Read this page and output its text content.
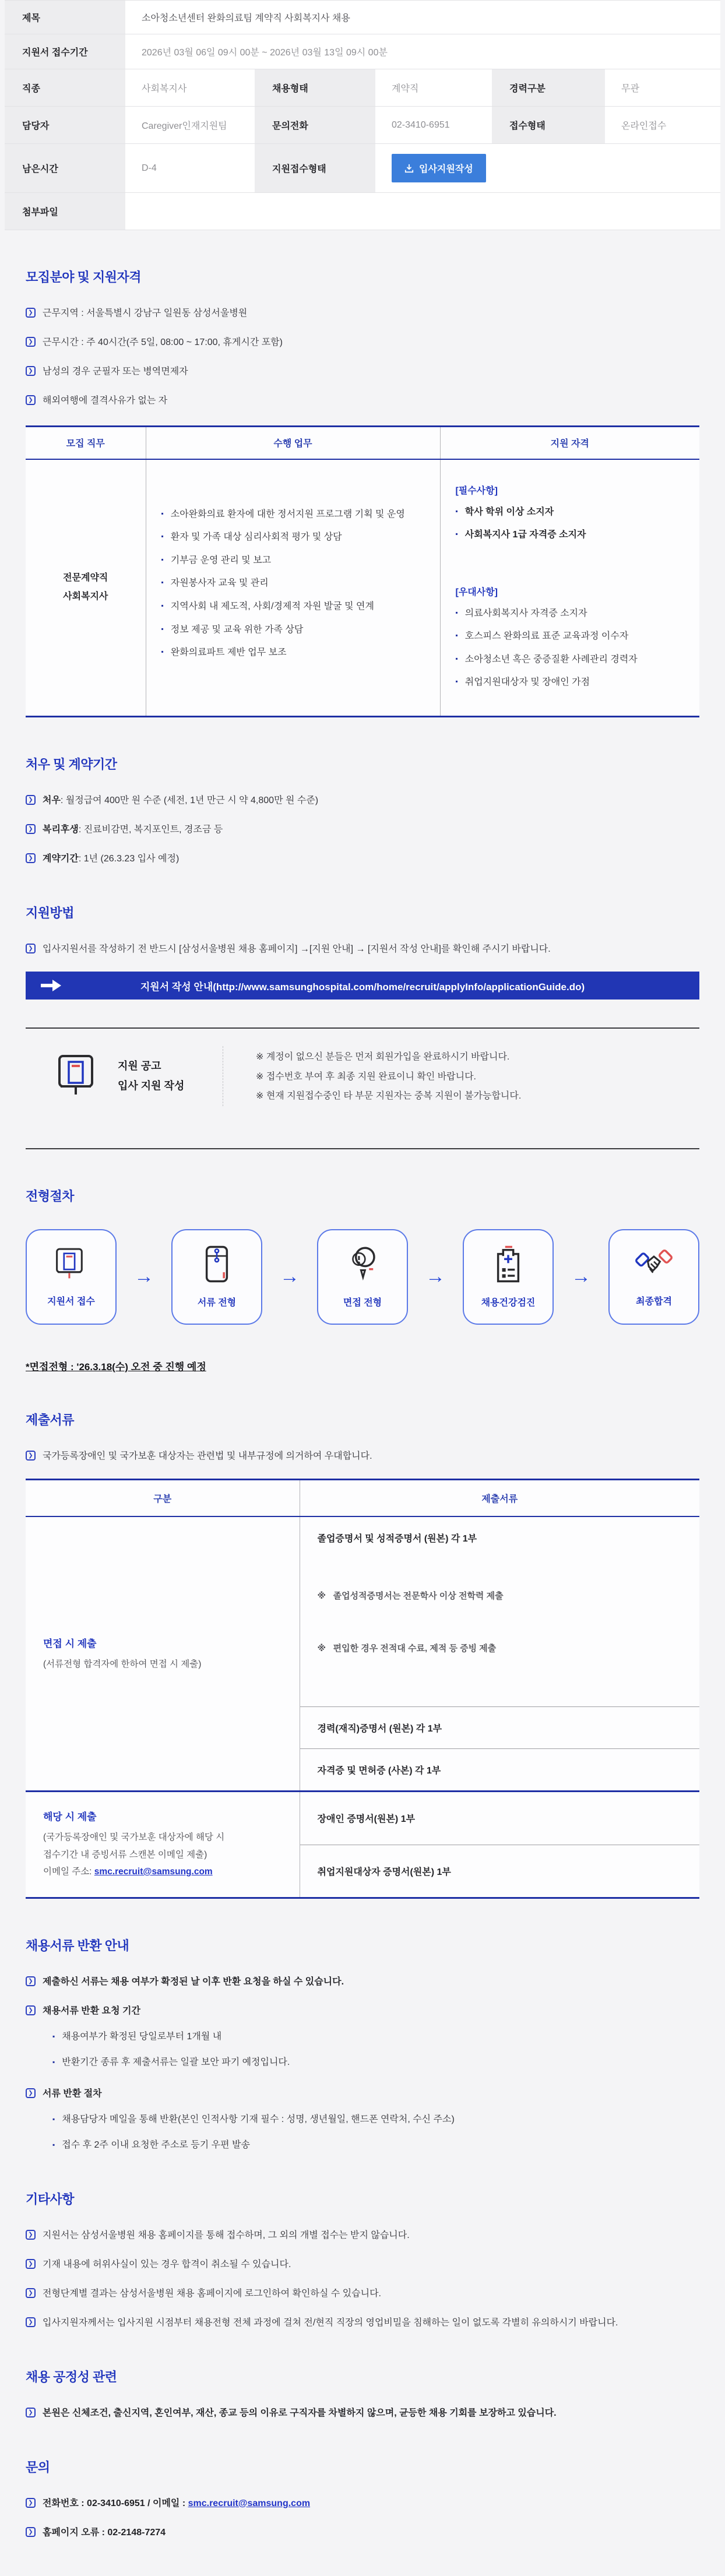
제목	소아청소년센터 완화의료팀 계약직 사회복지사 채용				
지원서 접수기간	2026년 03월 06일 09시 00분 ~ 2026년 03월 13일 09시 00분				
직종	사회복지사	채용형태	계약직	경력구분	무관
담당자	Caregiver인재지원팀	문의전화	02-3410-6951	접수형태	온라인접수
남은시간	D-4	지원접수형태	입사지원작성		

첨부파일					
모집분야 및 지원자격
❯ 근무지역 : 서울특별시 강남구 일원동 삼성서울병원
❯ 근무시간 : 주 40시간(주 5일, 08:00 ~ 17:00, 휴게시간 포함)
❯ 남성의 경우 군필자 또는 병역면제자
❯ 해외여행에 결격사유가 없는 자
모집 직무	수행 업무	지원 자격

전문계약직
사회복지사

▪ 소아완화의료 환자에 대한 정서지원 프로그램 기획 및 운영
▪ 환자 및 가족 대상 심리사회적 평가 및 상담
▪ 기부금 운영 관리 및 보고
▪ 자원봉사자 교육 및 관리
▪ 지역사회 내 제도적, 사회/경제적 자원 발굴 및 연계
▪ 정보 제공 및 교육 위한 가족 상담
▪ 완화의료파트 제반 업무 보조

[필수사항]
▪ 학사 학위 이상 소지자
▪ 사회복지사 1급 자격증 소지자
[우대사항]
▪ 의료사회복지사 자격증 소지자
▪ 호스피스 완화의료 표준 교육과정 이수자
▪ 소아청소년 혹은 중증질환 사례관리 경력자
▪ 취업지원대상자 및 장애인 가점
처우 및 계약기간
❯ 처우: 월정급여 400만 원 수준 (세전, 1년 만근 시 약 4,800만 원 수준)
❯ 복리후생: 진료비감면, 복지포인트, 경조금 등
❯ 계약기간: 1년 (26.3.23 입사 예정)
지원방법
❯ 입사지원서를 작성하기 전 반드시 [삼성서울병원 채용 홈페이지] →[지원 안내] → [지원서 작성 안내]를 확인해 주시기 바랍니다.
지원서 작성 안내(http://www.samsunghospital.com/home/recruit/applyInfo/applicationGuide.do)
지원 공고
입사 지원 작성

※ 계정이 없으신 분들은 먼저 회원가입을 완료하시기 바랍니다.

※ 접수번호 부여 후 최종 지원 완료이니 확인 바랍니다.

※ 현재 지원접수중인 타 부문 지원자는 중복 지원이 불가능합니다.

전형절차
지원서 접수
→
서류 전형
→
면접 전형
→
채용건강검진
→
최종합격
*면접전형 : '26.3.18(수) 오전 중 진행 예정
제출서류
❯ 국가등록장애인 및 국가보훈 대상자는 관련법 및 내부규정에 의거하여 우대합니다.
구분	제출서류

면접 시 제출
(서류전형 합격자에 한하여 면접 시 제출)

졸업증명서 및 성적증명서 (원본) 각 1부

※   졸업성적증명서는 전문학사 이상 전학력 제출

※   편입한 경우 전적대 수료, 제적 등 증빙 제출

	경력(재직)증명서 (원본) 각 1부
	자격증 및 면허증 (사본) 각 1부

해당 시 제출
(국가등록장애인 및 국가보훈 대상자에 해당 시
접수기간 내 증빙서류 스캔본 이메일 제출)
이메일 주소: smc.recruit@samsung.com	장애인 증명서(원본) 1부
	취업지원대상자 증명서(원본) 1부
채용서류 반환 안내
❯ 제출하신 서류는 채용 여부가 확정된 날 이후 반환 요청을 하실 수 있습니다.
❯ 채용서류 반환 요청 기간
▪ 채용여부가 확정된 당일로부터 1개월 내
▪ 반환기간 종류 후 제출서류는 일괄 보안 파기 예정입니다.
❯ 서류 반환 절차
▪ 채용담당자 메일을 통해 반환(본인 인적사항 기재 필수 : 성명, 생년월일, 핸드폰 연락처, 수신 주소)
▪ 접수 후 2주 이내 요청한 주소로 등기 우편 발송
기타사항
❯ 지원서는 삼성서울병원 채용 홈페이지를 통해 접수하며, 그 외의 개별 접수는 받지 않습니다.
❯ 기재 내용에 허위사실이 있는 경우 합격이 취소될 수 있습니다.
❯ 전형단계별 결과는 삼성서울병원 채용 홈페이지에 로그인하여 확인하실 수 있습니다.
❯ 입사지원자께서는 입사지원 시점부터 채용전형 전체 과정에 걸쳐 전/현직 직장의 영업비밀을 침해하는 일이 없도록 각별히 유의하시기 바랍니다.
채용 공정성 관련
❯ 본원은 신체조건, 출신지역, 혼인여부, 재산, 종교 등의 이유로 구직자를 차별하지 않으며, 균등한 채용 기회를 보장하고 있습니다.
문의
❯ 전화번호 : 02-3410-6951 / 이메일 : smc.recruit@samsung.com
❯ 홈페이지 오류 : 02-2148-7274
